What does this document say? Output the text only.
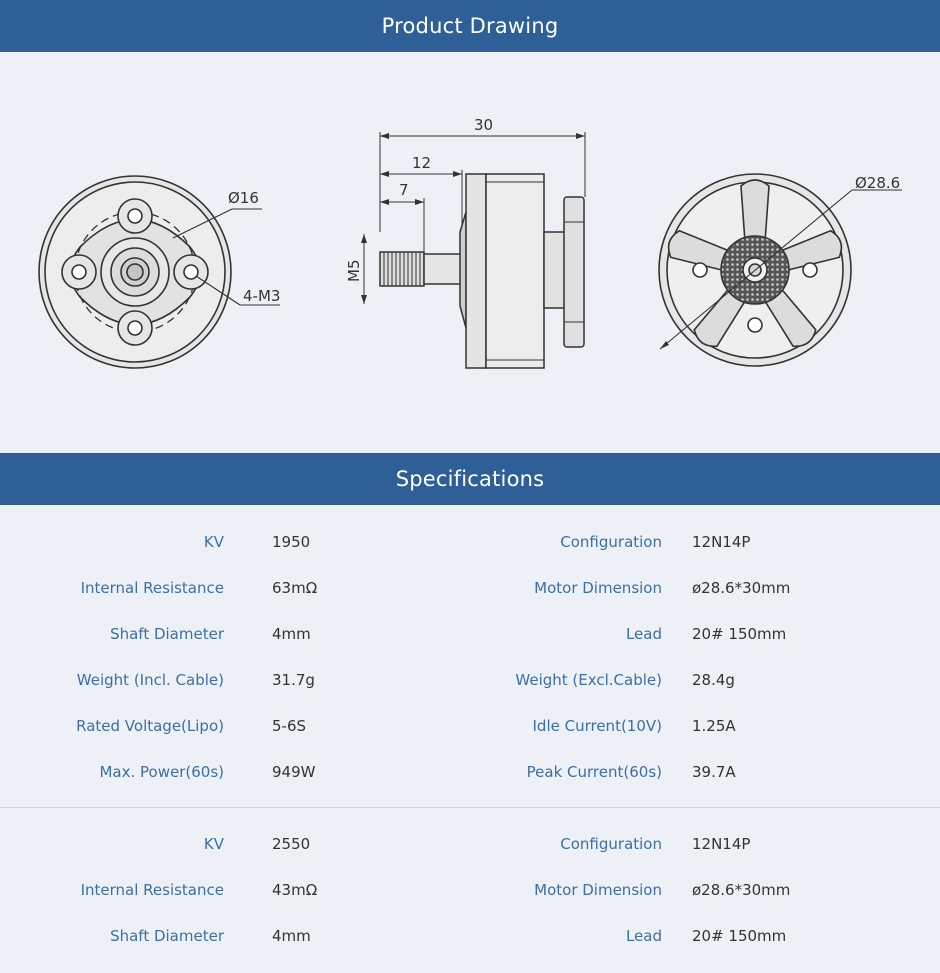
Product Drawing
Ø16
4-M3
30
12
7
M5
Ø28.6
Specifications
KV	1950	Configuration 12N14P
Internal Resistance	63mΩ	Motor Dimension ø28.6*30mm
Shaft Diameter	4mm	Lead 20# 150mm
Weight (Incl. Cable)	31.7g	Weight (Excl.Cable) 28.4g
Rated Voltage(Lipo)	5-6S	Idle Current(10V) 1.25A
Max. Power(60s)	949W	Peak Current(60s) 39.7A
KV	2550	Configuration 12N14P
Internal Resistance	43mΩ	Motor Dimension ø28.6*30mm
Shaft Diameter	4mm	Lead 20# 150mm
